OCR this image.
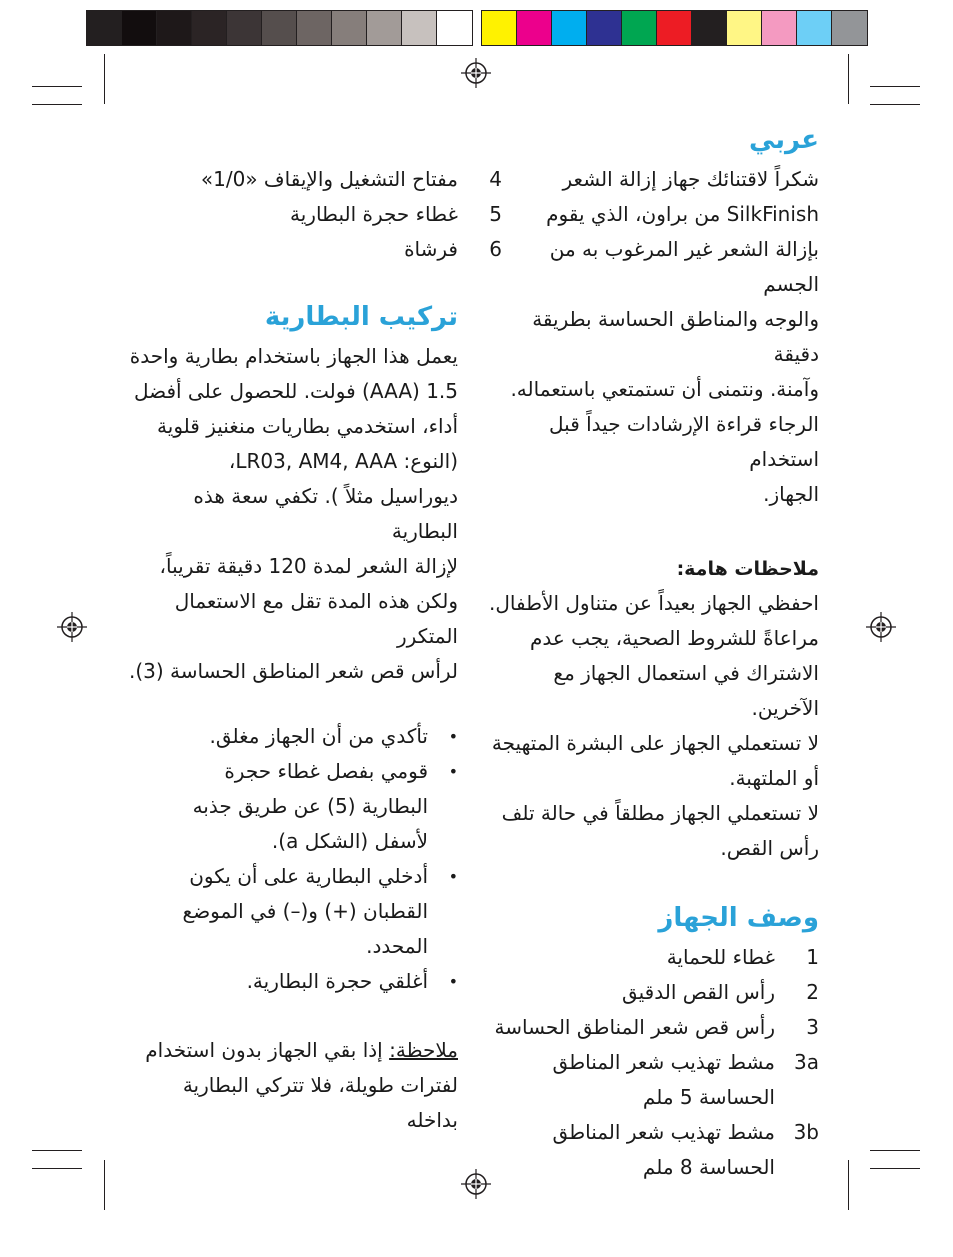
عربي

شكراً لاقتنائك جهاز إزالة الشعر

SilkFinish من براون، الذي يقوم

بإزالة الشعر غير المرغوب به من الجسم

والوجه والمناطق الحساسة بطريقة دقيقة

وآمنة. ونتمنى أن تستمتعي باستعماله.

الرجاء قراءة الإرشادات جيداً قبل استخدام

الجهاز.

ملاحظات هامة:

احفظي الجهاز بعيداً عن متناول الأطفال.

مراعاةً للشروط الصحية، يجب عدم

الاشتراك في استعمال الجهاز مع

الآخرين.

لا تستعملي الجهاز على البشرة المتهيجة

أو الملتهبة.

لا تستعملي الجهاز مطلقاً في حالة تلف

رأس القص.

وصف الجهاز
1
غطاء للحماية
2
رأس القص الدقيق
3
رأس قص شعر المناطق الحساسة
3a
مشط تهذيب شعر المناطق
الحساسة 5 ملم
3b
مشط تهذيب شعر المناطق
الحساسة 8 ملم
4
مفتاح التشغيل والإيقاف «1/0»
5
غطاء حجرة البطارية
6
فرشاة
تركيب البطارية

يعمل هذا الجهاز باستخدام بطارية واحدة

1.5 (AAA) فولت. للحصول على أفضل

أداء، استخدمي بطاريات منغنيز قلوية

(النوع: LR03, AM4, AAA،

ديوراسيل مثلاً ). تكفي سعة هذه البطارية

لإزالة الشعر لمدة 120 دقيقة تقريباً،

ولكن هذه المدة تقل مع الاستعمال المتكرر

لرأس قص شعر المناطق الحساسة (3).

•
تأكدي من أن الجهاز مغلق.
•
قومي بفصل غطاء حجرة
البطارية (5) عن طريق جذبه
لأسفل (الشكل a).
•
أدخلي البطارية على أن يكون
القطبان (+) و(–) في الموضع
المحدد.
•
أغلقي حجرة البطارية.

ملاحظة: إذا بقي الجهاز بدون استخدام

لفترات طويلة، فلا تتركي البطارية بداخله
